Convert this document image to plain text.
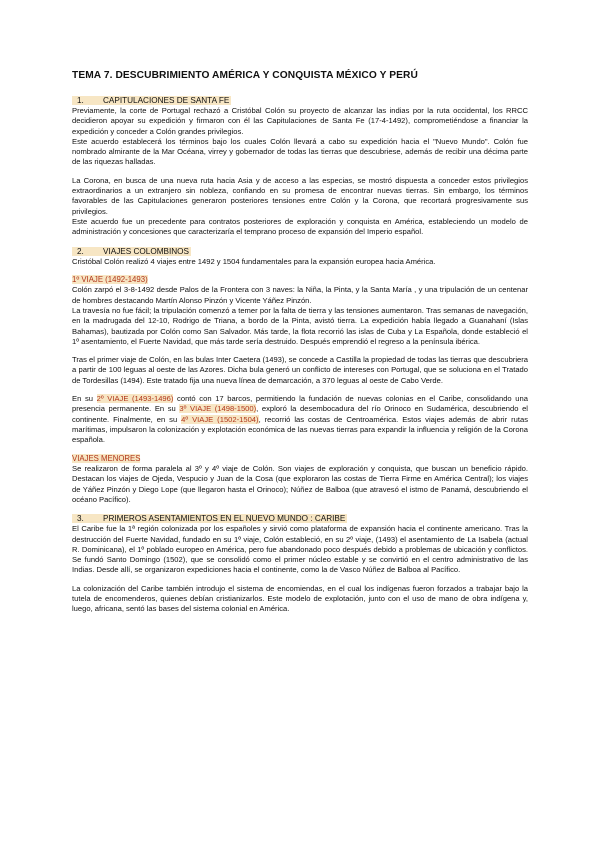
TEMA 7. DESCUBRIMIENTO AMÉRICA Y CONQUISTA MÉXICO Y PERÚ
1. CAPITULACIONES DE SANTA FE

Previamente, la corte de Portugal rechazó a Cristóbal Colón su proyecto de alcanzar las indias por la ruta occidental, los RRCC decidieron apoyar su expedición y firmaron con él las Capitulaciones de Santa Fe (17-4-1492), comprometiéndose a financiar la expedición y conceder a Colón grandes privilegios.

Este acuerdo establecerá los términos bajo los cuales Colón llevará a cabo su expedición hacia el "Nuevo Mundo". Colón fue nombrado almirante de la Mar Océana, virrey y gobernador de todas las tierras que descubriese, además de recibir una décima parte de las riquezas halladas.

La Corona, en busca de una nueva ruta hacia Asia y de acceso a las especias, se mostró dispuesta a conceder estos privilegios extraordinarios a un extranjero sin nobleza, confiando en su promesa de encontrar nuevas tierras. Sin embargo, los términos favorables de las Capitulaciones generaron posteriores tensiones entre Colón y la Corona, que recortará progresivamente sus privilegios.

Este acuerdo fue un precedente para contratos posteriores de exploración y conquista en América, estableciendo un modelo de administración y concesiones que caracterizaría el temprano proceso de expansión del Imperio español.

2. VIAJES COLOMBINOS

Cristóbal Colón realizó 4 viajes entre 1492 y 1504 fundamentales para la expansión europea hacia América.

1º VIAJE (1492-1493)

Colón zarpó el 3-8-1492 desde Palos de la Frontera con 3 naves: la Niña, la Pinta, y la Santa María , y una tripulación de un centenar de hombres destacando Martín Alonso Pinzón y Vicente Yáñez Pinzón.

La travesía no fue fácil; la tripulación comenzó a temer por la falta de tierra y las tensiones aumentaron. Tras semanas de navegación, en la madrugada del 12-10, Rodrigo de Triana, a bordo de la Pinta, avistó tierra. La expedición había llegado a Guanahaní (Islas Bahamas), bautizada por Colón como San Salvador. Más tarde, la flota recorrió las islas de Cuba y La Española, donde estableció el 1º asentamiento, el Fuerte Navidad, que más tarde sería destruido. Después emprendió el regreso a la península ibérica.

Tras el primer viaje de Colón, en las bulas Inter Caetera (1493), se concede a Castilla la propiedad de todas las tierras que descubriera a partir de 100 leguas al oeste de las Azores. Dicha bula generó un conflicto de intereses con Portugal, que se soluciona en el Tratado de Tordesillas (1494). Este tratado fija una nueva línea de demarcación, a 370 leguas al oeste de Cabo Verde.

En su 2º VIAJE (1493-1496) contó con 17 barcos, permitiendo la fundación de nuevas colonias en el Caribe, consolidando una presencia permanente. En su 3º VIAJE (1498-1500), exploró la desembocadura del río Orinoco en Sudamérica, descubriendo el continente. Finalmente, en su 4º VIAJE (1502-1504), recorrió las costas de Centroamérica. Estos viajes además de abrir rutas marítimas, impulsaron la colonización y explotación económica de las nuevas tierras para expandir la influencia y religión de la Corona española.

VIAJES MENORES

Se realizaron de forma paralela al 3º y 4º viaje de Colón. Son viajes de exploración y conquista, que buscan un beneficio rápido. Destacan los viajes de Ojeda, Vespucio y Juan de la Cosa (que exploraron las costas de Tierra Firme en América Central); los viajes de Yáñez Pinzón y Diego Lope (que llegaron hasta el Orinoco); Núñez de Balboa (que atravesó el istmo de Panamá, descubriendo el océano Pacífico).

3. PRIMEROS ASENTAMIENTOS EN EL NUEVO MUNDO : CARIBE

El Caribe fue la 1ª región colonizada por los españoles y sirvió como plataforma de expansión hacia el continente americano. Tras la destrucción del Fuerte Navidad, fundado en su 1º viaje, Colón estableció, en su 2º viaje, (1493) el asentamiento de La Isabela (actual R. Dominicana), el 1º poblado europeo en América, pero fue abandonado poco después debido a problemas de ubicación y conflictos. Se fundó Santo Domingo (1502), que se consolidó como el primer núcleo estable y se convirtió en el centro administrativo de las Indias. Desde allí, se organizaron expediciones hacia el continente, como la de Vasco Núñez de Balboa al Pacífico.

La colonización del Caribe también introdujo el sistema de encomiendas, en el cual los indígenas fueron forzados a trabajar bajo la tutela de encomenderos, quienes debían cristianizarlos. Este modelo de explotación, junto con el uso de mano de obra indígena y, luego, africana, sentó las bases del sistema colonial en América.
